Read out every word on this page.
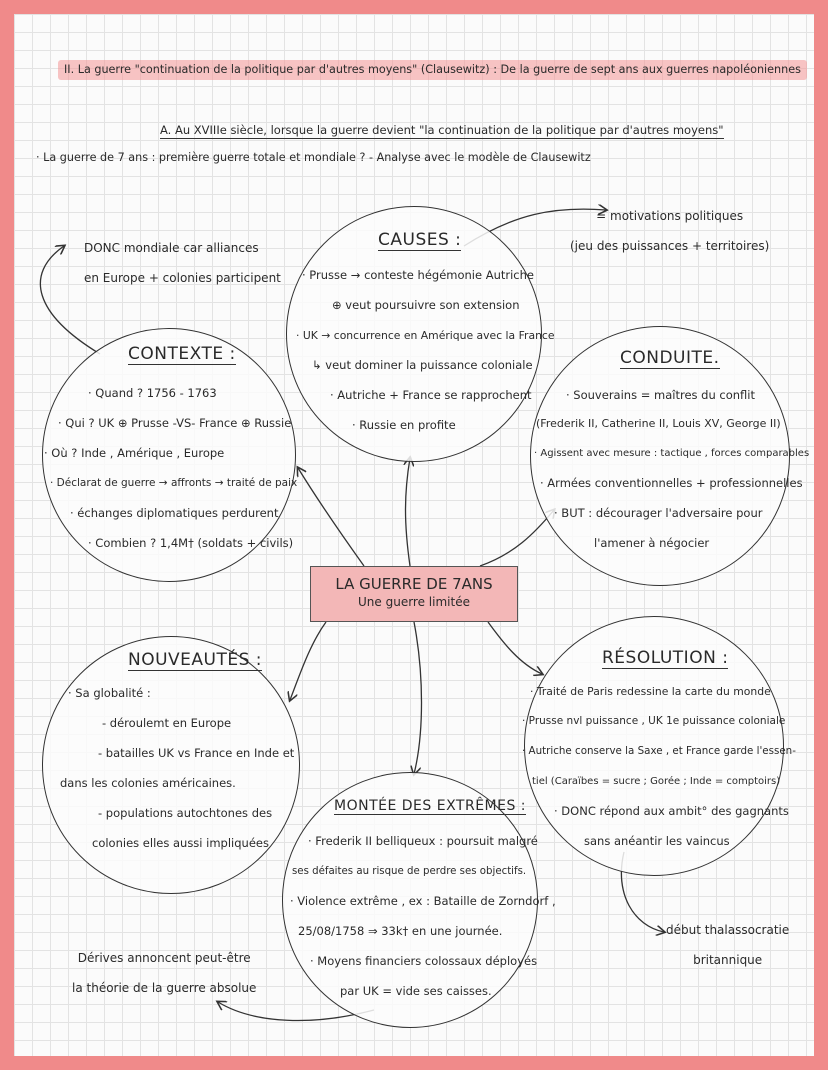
II. La guerre "continuation de la politique par d'autres moyens" (Clausewitz) : De la guerre de sept ans aux guerres napoléoniennes
A. Au XVIIIe siècle, lorsque la guerre devient "la continuation de la politique par d'autres moyens"
· La guerre de 7 ans : première guerre totale et mondiale ? - Analyse avec le modèle de Clausewitz
DONC mondiale car alliances
en Europe + colonies participent
= motivations politiques
(jeu des puissances + territoires)
Dérives annoncent peut-être
la théorie de la guerre absolue
début thalassocratie
britannique
CONTEXTE :
· Quand ? 1756 - 1763
· Qui ? UK ⊕ Prusse -VS- France ⊕ Russie
· Où ? Inde , Amérique , Europe
· Déclarat de guerre → affronts → traité de paix
· échanges diplomatiques perdurent
· Combien ? 1,4M† (soldats + civils)
CAUSES :
· Prusse → conteste hégémonie Autriche
⊕ veut poursuivre son extension
· UK → concurrence en Amérique avec la France
↳ veut dominer la puissance coloniale
· Autriche + France se rapprochent
· Russie en profite
CONDUITE.
· Souverains = maîtres du conflit
(Frederik II, Catherine II, Louis XV, George II)
· Agissent avec mesure : tactique , forces comparables
· Armées conventionnelles + professionnelles
· BUT : décourager l'adversaire pour
l'amener à négocier
LA GUERRE DE 7ANS
Une guerre limitée
NOUVEAUTÉS :
· Sa globalité :
- déroulemt en Europe
- batailles UK vs France en Inde et
dans les colonies américaines.
- populations autochtones des
colonies elles aussi impliquées
MONTÉE DES EXTRÊMES :
· Frederik II belliqueux : poursuit malgré
ses défaites au risque de perdre ses objectifs.
· Violence extrême , ex : Bataille de Zorndorf ,
25/08/1758 ⇒ 33k† en une journée.
· Moyens financiers colossaux déployés
par UK = vide ses caisses.
RÉSOLUTION :
· Traité de Paris redessine la carte du monde
· Prusse nvl puissance , UK 1e puissance coloniale
· Autriche conserve la Saxe , et France garde l'essen-
tiel (Caraïbes = sucre ; Gorée ; Inde = comptoirs)
· DONC répond aux ambit° des gagnants
sans anéantir les vaincus
